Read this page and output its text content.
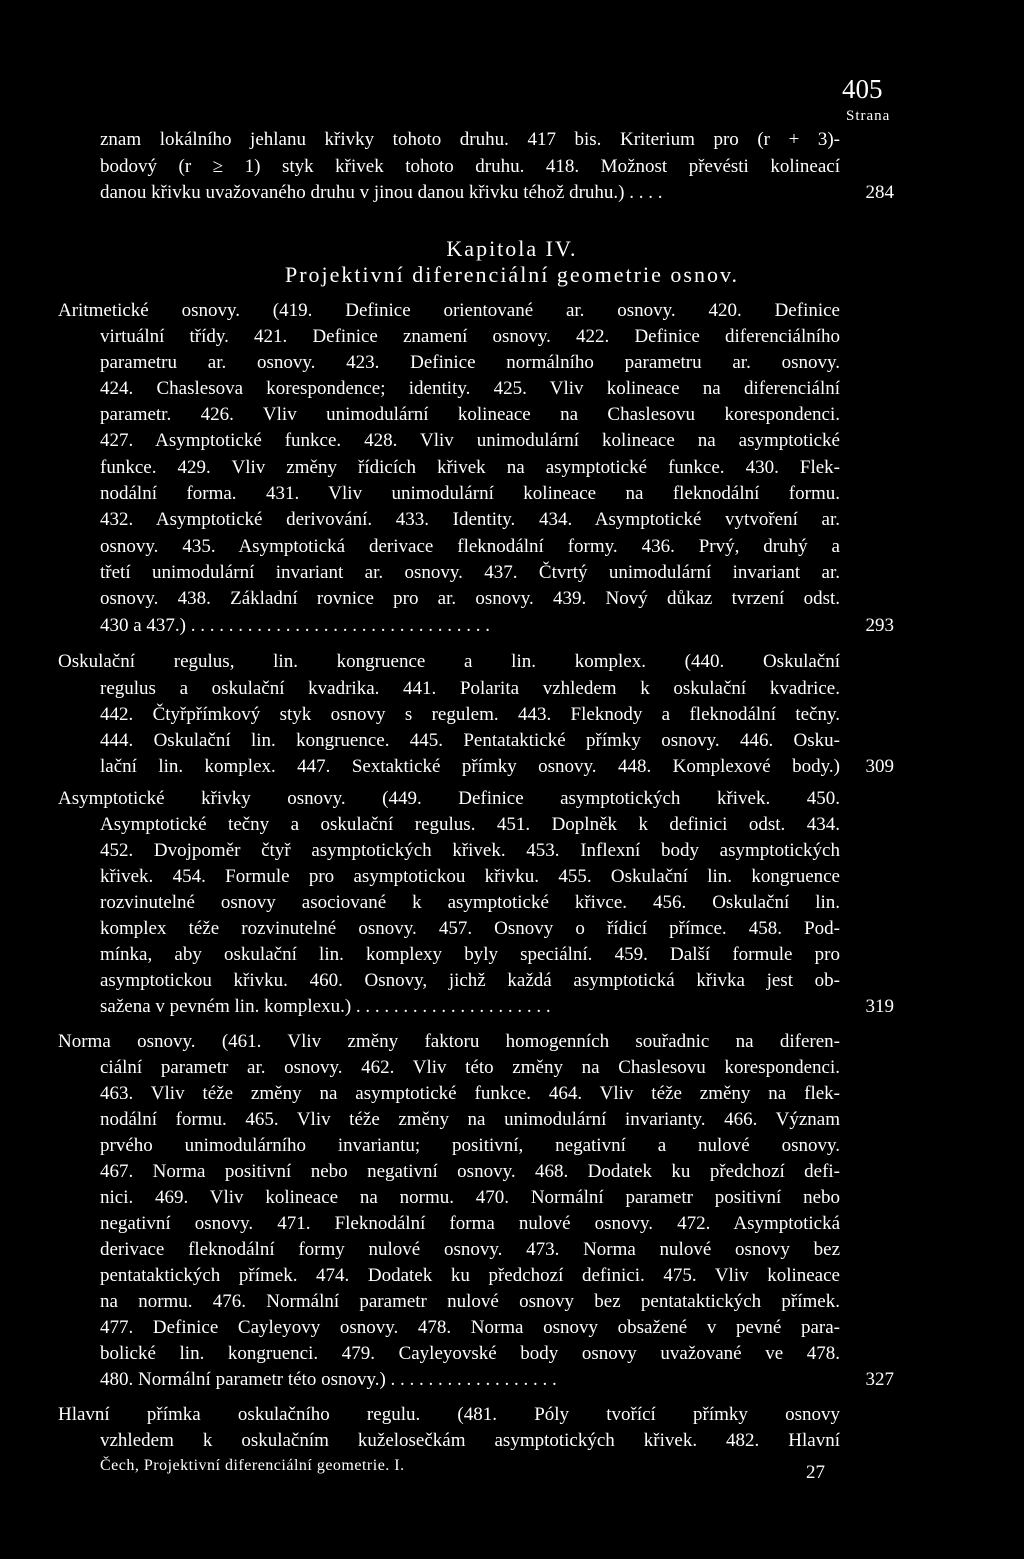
405
Strana
znam lokálního jehlanu křivky tohoto druhu. 417 bis. Kriterium pro (r + 3)-
bodový (r ≥ 1) styk křivek tohoto druhu. 418. Možnost převésti kolineací
danou křivku uvažovaného druhu v jinou danou křivku téhož druhu.) . . . .	284
Kapitola IV.
Projektivní diferenciální geometrie osnov.
Aritmetické osnovy. (419. Definice orientované ar. osnovy. 420. Definice
virtuální třídy. 421. Definice znamení osnovy. 422. Definice diferenciálního
parametru ar. osnovy. 423. Definice normálního parametru ar. osnovy.
424. Chaslesova korespondence; identity. 425. Vliv kolineace na diferenciální
parametr. 426. Vliv unimodulární kolineace na Chaslesovu korespondenci.
427. Asymptotické funkce. 428. Vliv unimodulární kolineace na asymptotické
funkce. 429. Vliv změny řídicích křivek na asymptotické funkce. 430. Flek-
nodální forma. 431. Vliv unimodulární kolineace na fleknodální formu.
432. Asymptotické derivování. 433. Identity. 434. Asymptotické vytvoření ar.
osnovy. 435. Asymptotická derivace fleknodální formy. 436. Prvý, druhý a
třetí unimodulární invariant ar. osnovy. 437. Čtvrtý unimodulární invariant ar.
osnovy. 438. Základní rovnice pro ar. osnovy. 439. Nový důkaz tvrzení odst.
430 a 437.) . . . . . . . . . . . . . . . . . . . . . . . . . . . . . . . .	293
Oskulační regulus, lin. kongruence a lin. komplex. (440. Oskulační
regulus a oskulační kvadrika. 441. Polarita vzhledem k oskulační kvadrice.
442. Čtyřpřímkový styk osnovy s regulem. 443. Fleknody a fleknodální tečny.
444. Oskulační lin. kongruence. 445. Pentataktické přímky osnovy. 446. Osku-
lační lin. komplex. 447. Sextaktické přímky osnovy. 448. Komplexové body.) 309
Asymptotické křivky osnovy. (449. Definice asymptotických křivek. 450.
Asymptotické tečny a oskulační regulus. 451. Doplněk k definici odst. 434.
452. Dvojpoměr čtyř asymptotických křivek. 453. Inflexní body asymptotických
křivek. 454. Formule pro asymptotickou křivku. 455. Oskulační lin. kongruence
rozvinutelné osnovy asociované k asymptotické křivce. 456. Oskulační lin.
komplex téže rozvinutelné osnovy. 457. Osnovy o řídicí přímce. 458. Pod-
mínka, aby oskulační lin. komplexy byly speciální. 459. Další formule pro
asymptotickou křivku. 460. Osnovy, jichž každá asymptotická křivka jest ob-
sažena v pevném lin. komplexu.) . . . . . . . . . . . . . . . . . . . . .	319
Norma osnovy. (461. Vliv změny faktoru homogenních souřadnic na diferen-
ciální parametr ar. osnovy. 462. Vliv této změny na Chaslesovu korespondenci.
463. Vliv téže změny na asymptotické funkce. 464. Vliv téže změny na flek-
nodální formu. 465. Vliv téže změny na unimodulární invarianty. 466. Význam
prvého unimodulárního invariantu; positivní, negativní a nulové osnovy.
467. Norma positivní nebo negativní osnovy. 468. Dodatek ku předchozí defi-
nici. 469. Vliv kolineace na normu. 470. Normální parametr positivní nebo
negativní osnovy. 471. Fleknodální forma nulové osnovy. 472. Asymptotická
derivace fleknodální formy nulové osnovy. 473. Norma nulové osnovy bez
pentataktických přímek. 474. Dodatek ku předchozí definici. 475. Vliv kolineace
na normu. 476. Normální parametr nulové osnovy bez pentataktických přímek.
477. Definice Cayleyovy osnovy. 478. Norma osnovy obsažené v pevné para-
bolické lin. kongruenci. 479. Cayleyovské body osnovy uvažované ve 478.
480. Normální parametr této osnovy.) . . . . . . . . . . . . . . . . . .	327
Hlavní přímka oskulačního regulu. (481. Póly tvořící přímky osnovy
vzhledem k oskulačním kuželosečkám asymptotických křivek. 482. Hlavní
Čech, Projektivní diferenciální geometrie. I.	27
